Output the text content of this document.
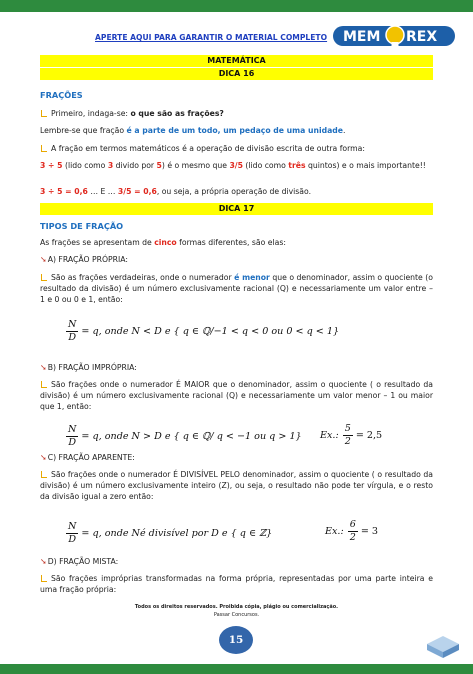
APERTE AQUI PARA GARANTIR O MATERIAL COMPLETO MEM REX
MATEMÁTICA
DICA 16
FRAÇÕES

Primeiro, indaga-se: o que são as frações?

Lembre-se que fração é a parte de um todo, um pedaço de uma unidade.

A fração em termos matemáticos é a operação de divisão escrita de outra forma:

3 ÷ 5 (lido como 3 divido por 5) é o mesmo que 3/5 (lido como três quintos) e o mais importante!!

3 ÷ 5 = 0,6 … E … 3/5 = 0,6, ou seja, a própria operação de divisão.

DICA 17
TIPOS DE FRAÇÃO

As frações se apresentam de cinco formas diferentes, são elas:

➘A) FRAÇÃO PRÓPRIA:

São as frações verdadeiras, onde o numerador é menor que o denominador, assim o quociente (o resultado da divisão) é um número exclusivamente racional (Q) e necessariamente um valor entre – 1 e 0 ou 0 e 1, então:

$\frac{N}{D} = q$, onde N < D e { q ∈ ℚ/−1 < q < 0 ou 0 < q < 1}

➘B) FRAÇÃO IMPRÓPRIA:

São frações onde o numerador É MAIOR que o denominador, assim o quociente ( o resultado da divisão) é um número exclusivamente racional (Q) e necessariamente um valor menor – 1 ou maior que 1, então:

$\frac{N}{D} = q$, onde N > D e { q ∈ ℚ/ q < −1 ou q > 1} Ex.: $\frac{5}{2} = 2,5$

➘C) FRAÇÃO APARENTE:

São frações onde o numerador É DIVISÍVEL PELO denominador, assim o quociente ( o resultado da divisão) é um número exclusivamente inteiro (Z), ou seja, o resultado não pode ter vírgula, e o resto da divisão igual a zero então:

$\frac{N}{D} = q$, onde Né divisível por D e { q ∈ ℤ}	Ex.: $\frac{6}{2} = 3$

➘D) FRAÇÃO MISTA:

São frações impróprias transformadas na forma própria, representadas por uma parte inteira e uma fração própria:

Todos os direitos reservados. Proibida cópia, plágio ou comercialização.
Passar Concursos.
15
